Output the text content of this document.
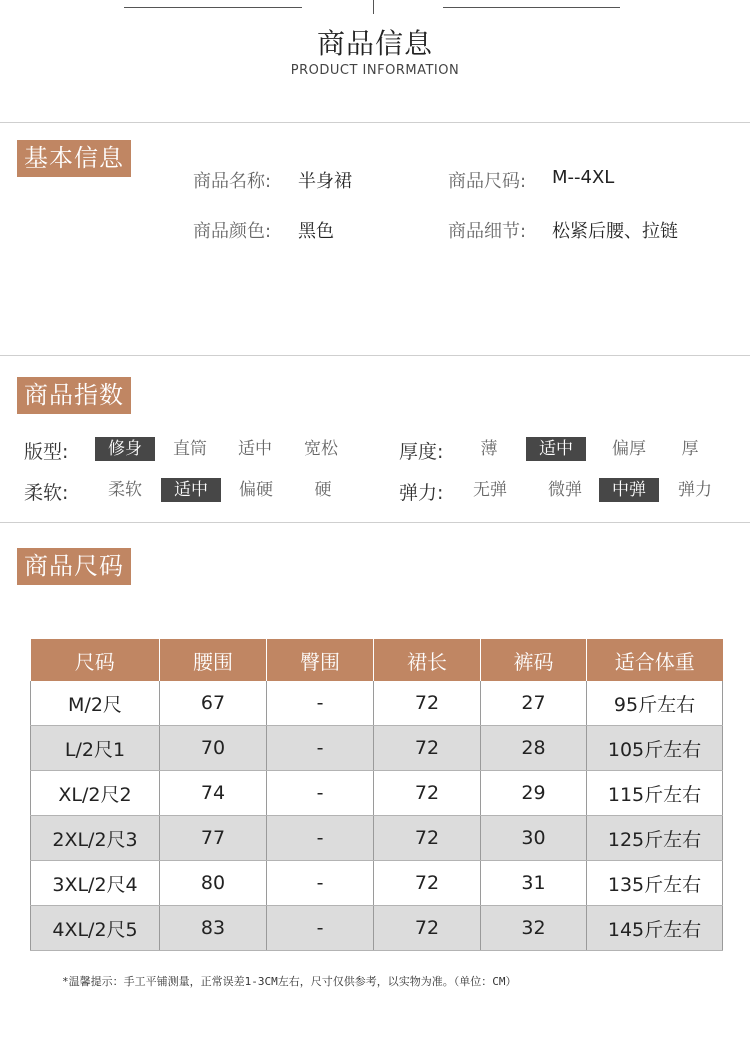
商品信息
PRODUCT INFORMATION
基本信息
商品名称: 半身裙	商品尺码: M--4XL
商品颜色: 黑色	商品细节: 松紧后腰、拉链
商品指数
版型:	修身	直筒	适中	宽松	厚度:	薄	适中	偏厚	厚
柔软:	柔软	适中	偏硬	硬	弹力:	无弹	微弹	中弹	弹力
商品尺码
尺码	腰围	臀围	裙长	裤码	适合体重
M/2尺	67	-	72	27	95斤左右
L/2尺1	70	-	72	28	105斤左右
XL/2尺2	74	-	72	29	115斤左右
2XL/2尺3	77	-	72	30	125斤左右
3XL/2尺4	80	-	72	31	135斤左右
4XL/2尺5	83	-	72	32	145斤左右
*温馨提示：手工平铺测量，正常误差1-3CM左右，尺寸仅供参考，以实物为准。（单位：CM）
